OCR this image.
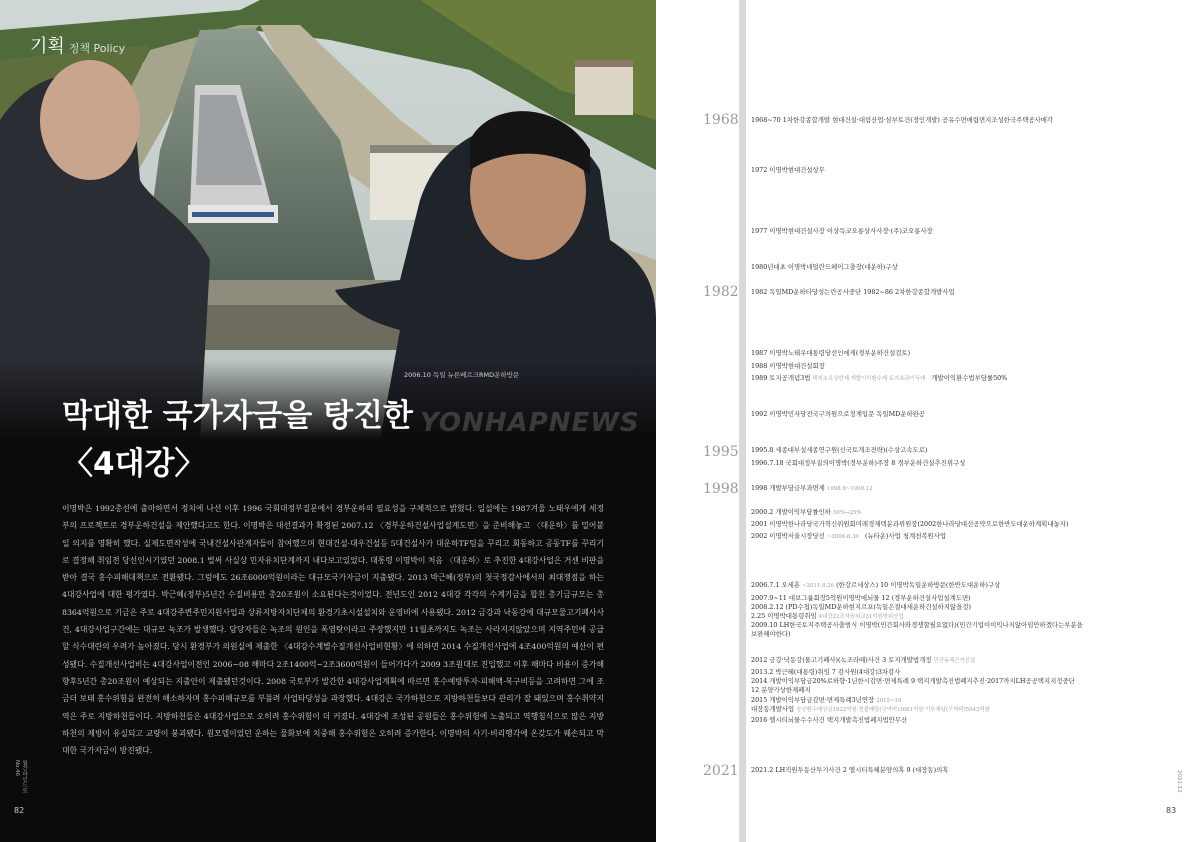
기획 정책 Policy
2006.10 독일 뉴른베르크RMD운하방문
YONHAPNEWS
막대한 국가자금을 탕진한
〈4대강〉

이명박은 1992총선에 출마하면서 정치에 나선 이후 1996 국회대정부질문에서 경부운하의 필요성을 구체적으로 밝혔다. 일설에는 1987겨울 노태우에게 세정부의 프로젝트로 경부운하건설을 제안했다고도 한다. 이명박은 대선결과가 확정된 2007.12 〈경부운하건설사업설계도면〉을 준비해놓고 〈대운하〉를 밀어붙일 의지를 명확히 했다. 실제도면작성에 국내건설사관계자들이 참여했으며 현대건설·대우건설등 5대건설사가 대운하TF팀을 꾸리고 회동하고 공동TF를 꾸리기로 결정해 취임전 당선인시기였던 2008.1 벌써 사실상 민자유치단계까지 내다보고있었다. 대통령 이명박이 처음 〈대운하〉로 추진한 4대강사업은 거센 비판을 받아 결국 홍수피해대책으로 전환됐다. 그럼에도 26조6000억원이라는 대규모국가자금이 지출됐다. 2013 박근혜(정부)의 첫국정감사에서의 최대쟁점을 하는 4대강사업에 대한 평가였다. 박근혜(정부)5년간 수질비용만 총20조원이 소요된다는것이었다. 전년도인 2012 4대강 각각의 수계기금을 합친 총기금규모는 총8364억원으로 기금은 주로 4대강주변주민지원사업과 상류지방자치단체의 환경기초시설설치와 운영비에 사용됐다. 2012 금강과 낙동강에 대규모물고기폐사사건, 4대강사업구간에는 대규모 녹조가 발생했다. 담당자들은 녹조의 원인을 폭염탓이라고 주장했지만 11월초까지도 녹조는 사라지지않았으며 지역주민에 공급할 식수대란의 우려가 높아졌다. 당시 환경부가 의원실에 제출한 〈4대강수계별수질개선사업비현황〉에 의하면 2014 수질개선사업에 4조400억원의 예산이 편성됐다. 수질개선사업비는 4대강사업이전인 2006~08 해마다 2조1400억~2조3600억원이 들어가다가 2009 3조원대로 진입했고 이후 해마다 비용이 증가해 향후5년간 총20조원이 예상되는 지출안이 제출됐던것이다. 2008 국토부가 발간한 4대강사업계획에 따르면 홍수예방투자·피해액·복구비등을 고려하면 그에 조금더 보태 홍수위험을 완전히 해소하자며 홍수피해규모를 부풀려 사업타당성을 과장했다. 4대강은 국가하천으로 지방하천들보다 관리가 잘 돼있으며 홍수취약지역은 주로 지방하천들이다. 지방하천들은 4대강사업으로 오히려 홍수위험이 더 커졌다. 4대강에 조성된 공원들은 홍수위험에 노출되고 역행침식으로 많은 지방하천의 제방이 유실되고 교량이 붕괴됐다. 원모델이었던 운하는 물화보에 치중해 홍수위험은 오히려 증가한다. 이명박의 사기·비리행각에 온갖도가 웨손되고 막대한 국가자금이 방진됐다.

월간마인드로 No.46
82
1968
1982
1995
1998
2021
1968~70 1차한강종합개발 현대건설·대림산업·삼부토건(정인개발) 공유수면매립면지조성한국주택공사매각
1972 이명박현대건설상무
1977 이명박현대건설사장 이상득코오롱상사사장·(주)코오롱사장
1980년대초 이명박네덜란드헤이그출장(대운하)구상
1982 독일MD운하타당성는란공사중단 1982~86 2차한강종합개발사업
1987 이명박노태우대통령당선인에게(경부운하건설검토)
1988 이명박현대건설회장
1989 토지공개념3법 택지소유상한제·개발이익환수제·토지초과이득세 개발이익환수법부담률50%
1992 이명박민자당전국구의원으로정계입문 독일MD운하완공
1995.8 세종대부설세종연구원(신국토개조전략)(수상고속도로)
1996.7.18 국회대정부질의이명박(경부운하)주장 8 경부운하건설추진위구성
1998 개발부담금부과면제 1998.9~1999.12
2000.2 개발이익부담률인하 50%→25%
2001 이명박한나라당국가혁신위원회미래경제텍분과위원장(2002한나라당대선공약으로한반도대운하계획내놓자)
2002 이명박서울시장당선 ~2006.6.30 (뉴타운)사업 청계천복원사업
2006.7.1 오세훈 ~2011.8.26 (한강르네상스) 10 이명박독일운하방문(한반도대운하)구상
2007.9~11 대보그룹회장5억원이명박에뇌물 12 (경부운하건설사업설계도면)
2008.2.12 (PD수첩)독일MD운하현지르포(독일은절대새운하건설하지않을것)
2.25 이명박대통령취임 4대강22조자원외교31억원방위산업
2009.10 LH한국토지주택공사출범식 이명박(민간회사와경쟁할필요없다)(민간기업이이익나지않아임안하겠다는부분을
보완해야한다)
2012 금강·낙동강(물고기폐사)(녹조라떼)사건 3 토지개발법개정 민간독체근거신설
2013.2 박근혜(대통령)취임 7 감사원(4대강)3차감사
2014 개발이익부담금20%로하향·1년한시감면·면제특례 9 택지개발촉진법폐지추진·2017까지LH공공택지지정중단
12 분양가상한제폐지
2015 개발이익부담금감면·면제특례3년연장 2015~18
대장동개발사업 공공환수예상금1822억원·현물배당(구역비)3681억원·기부채납(구역비)5943억원
2016 엘시티뇌물수수사건 택지개발촉진법폐지법안무산
2021.2 LH직원투동산투기사건 2 엘시티특혜분양의혹 9 (대장동)의혹	2021.12
83
